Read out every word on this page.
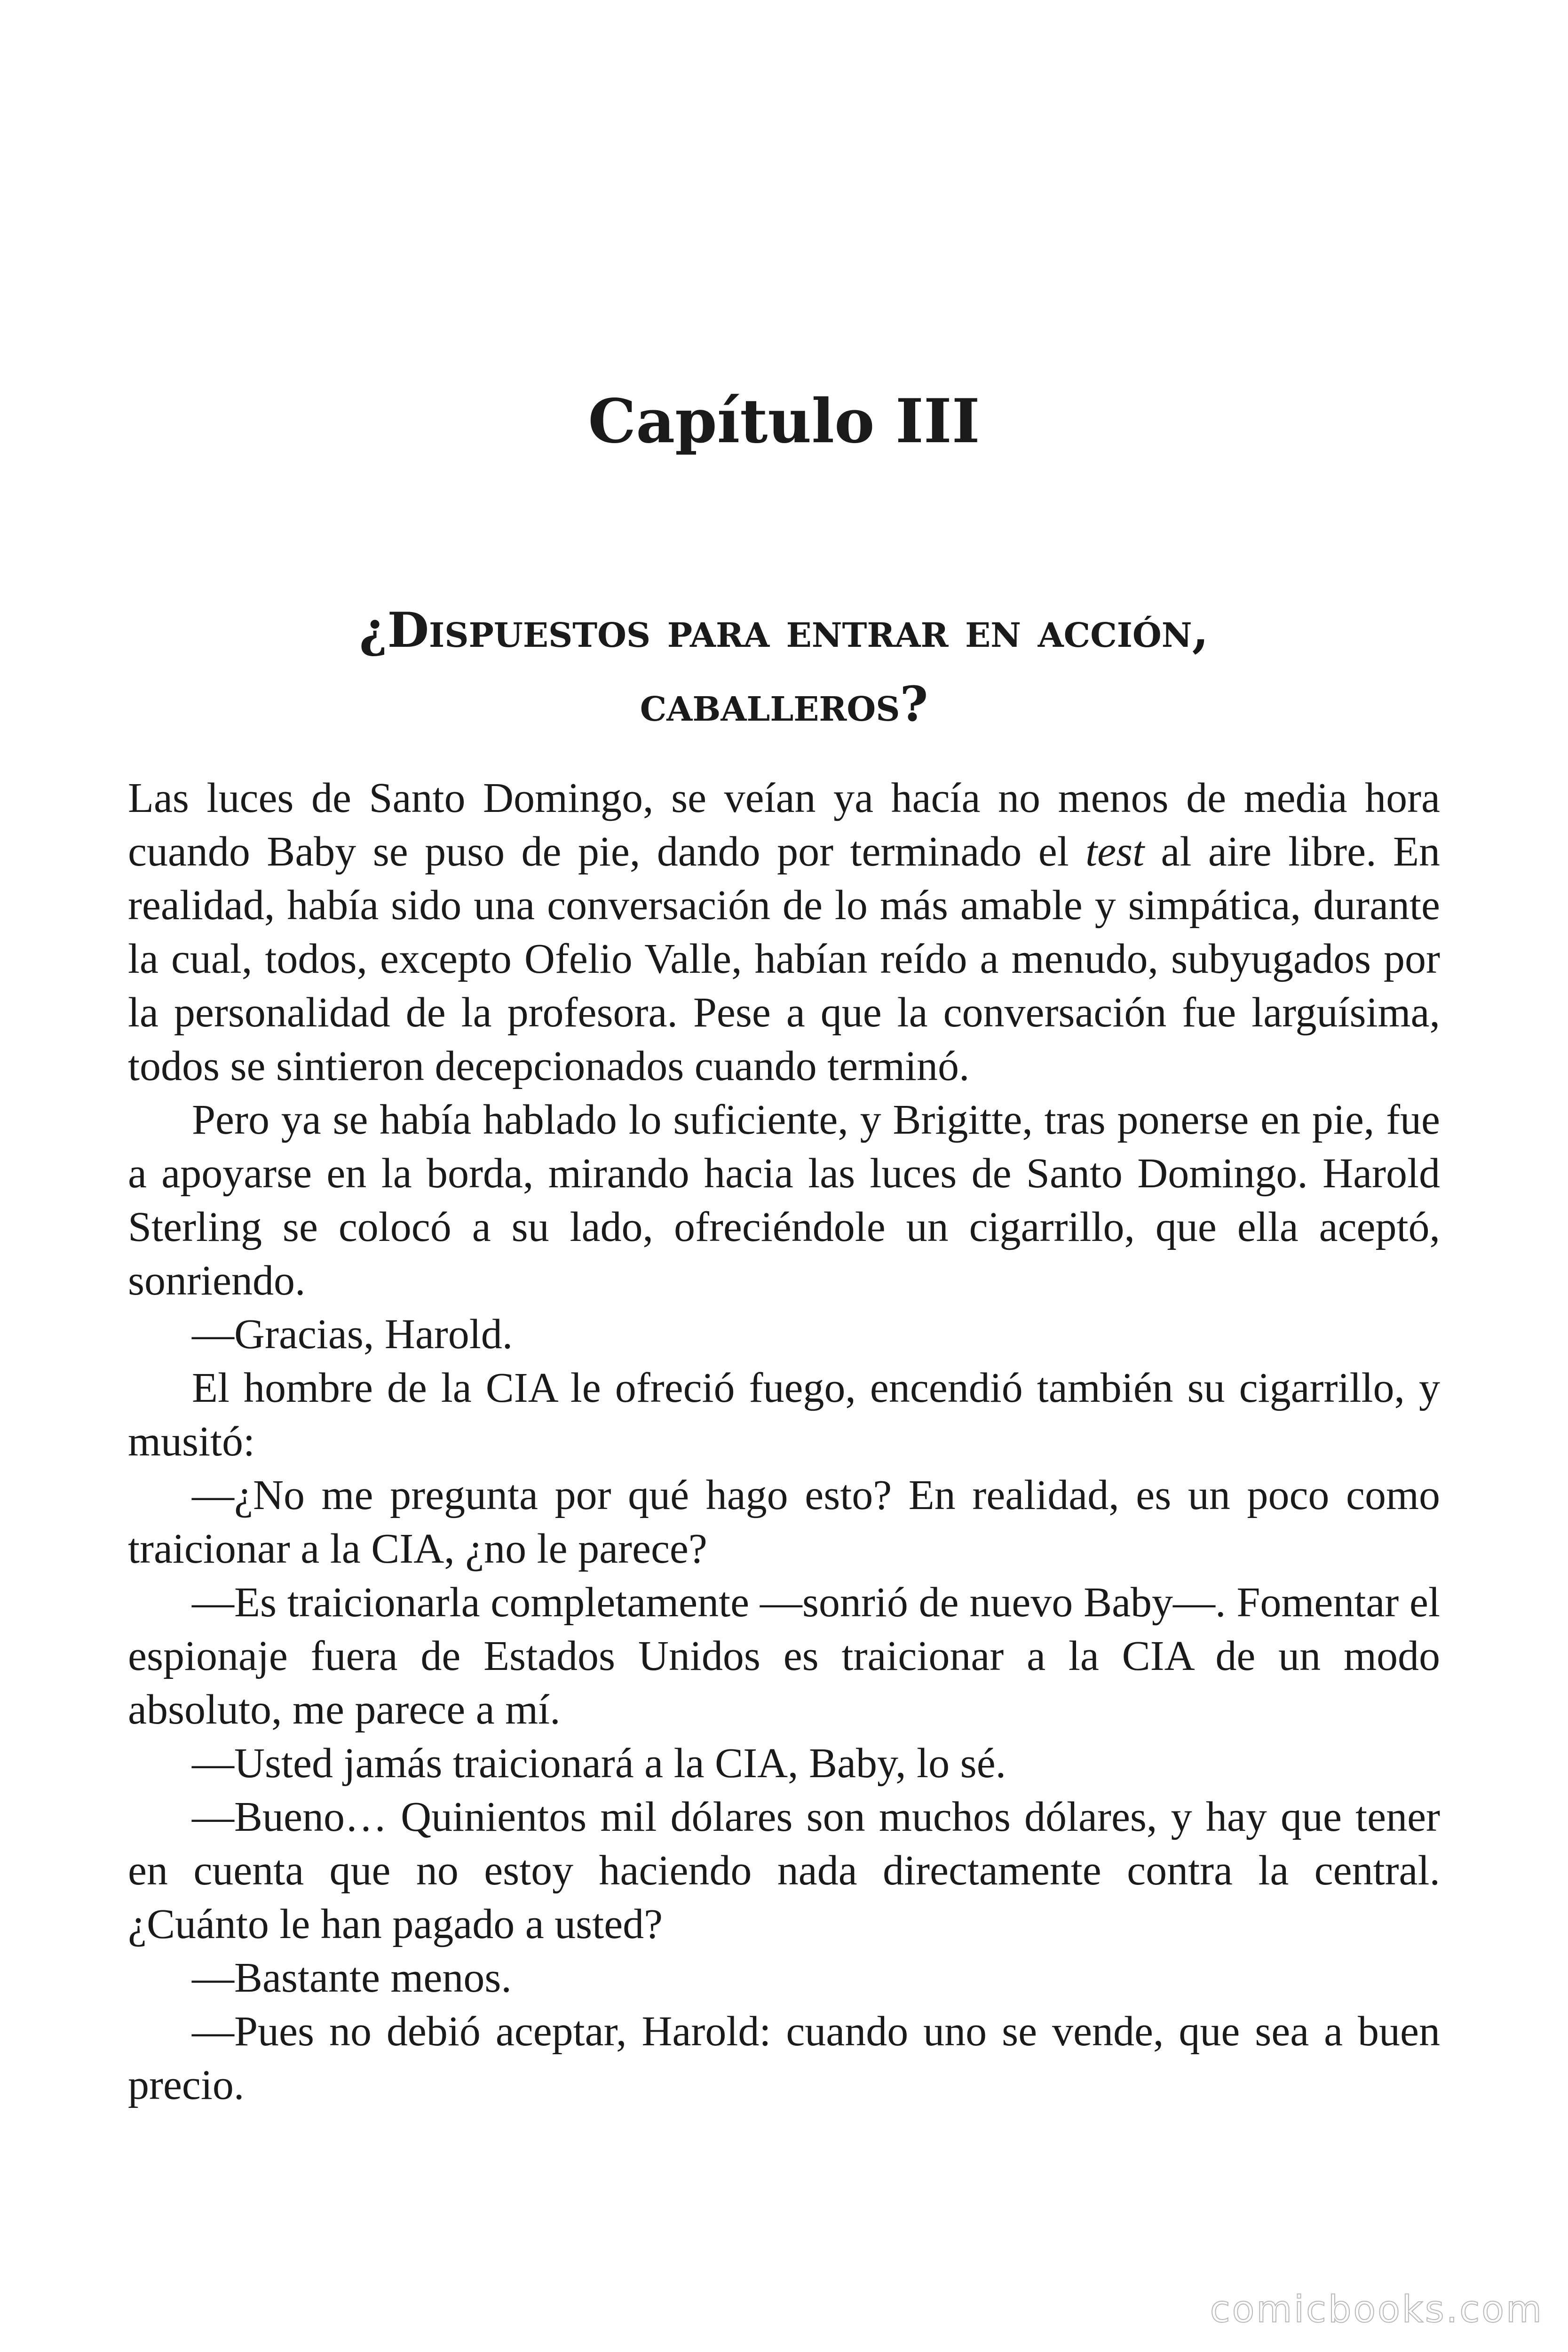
Capítulo III
¿Dispuestos para entrar en acción,
caballeros?

Las luces de Santo Domingo, se veían ya hacía no menos de media hora cuando Baby se puso de pie, dando por terminado el test al aire libre. En realidad, había sido una conversación de lo más amable y simpática, durante la cual, todos, excepto Ofelio Valle, habían reído a menudo, subyugados por la personalidad de la profesora. Pese a que la conversación fue larguísima, todos se sintieron decepcionados cuando terminó.

Pero ya se había hablado lo suficiente, y Brigitte, tras ponerse en pie, fue a apoyarse en la borda, mirando hacia las luces de Santo Domingo. Harold Sterling se colocó a su lado, ofreciéndole un cigarrillo, que ella aceptó, sonriendo.

—Gracias, Harold.

El hombre de la CIA le ofreció fuego, encendió también su cigarrillo, y musitó:

—¿No me pregunta por qué hago esto? En realidad, es un poco como traicionar a la CIA, ¿no le parece?

—Es traicionarla completamente —sonrió de nuevo Baby—. Fomentar el espionaje fuera de Estados Unidos es traicionar a la CIA de un modo absoluto, me parece a mí.

—Usted jamás traicionará a la CIA, Baby, lo sé.

—Bueno… Quinientos mil dólares son muchos dólares, y hay que tener en cuenta que no estoy haciendo nada directamente contra la central. ¿Cuánto le han pagado a usted?

—Bastante menos.

—Pues no debió aceptar, Harold: cuando uno se vende, que sea a buen precio.

comicbooks.com
